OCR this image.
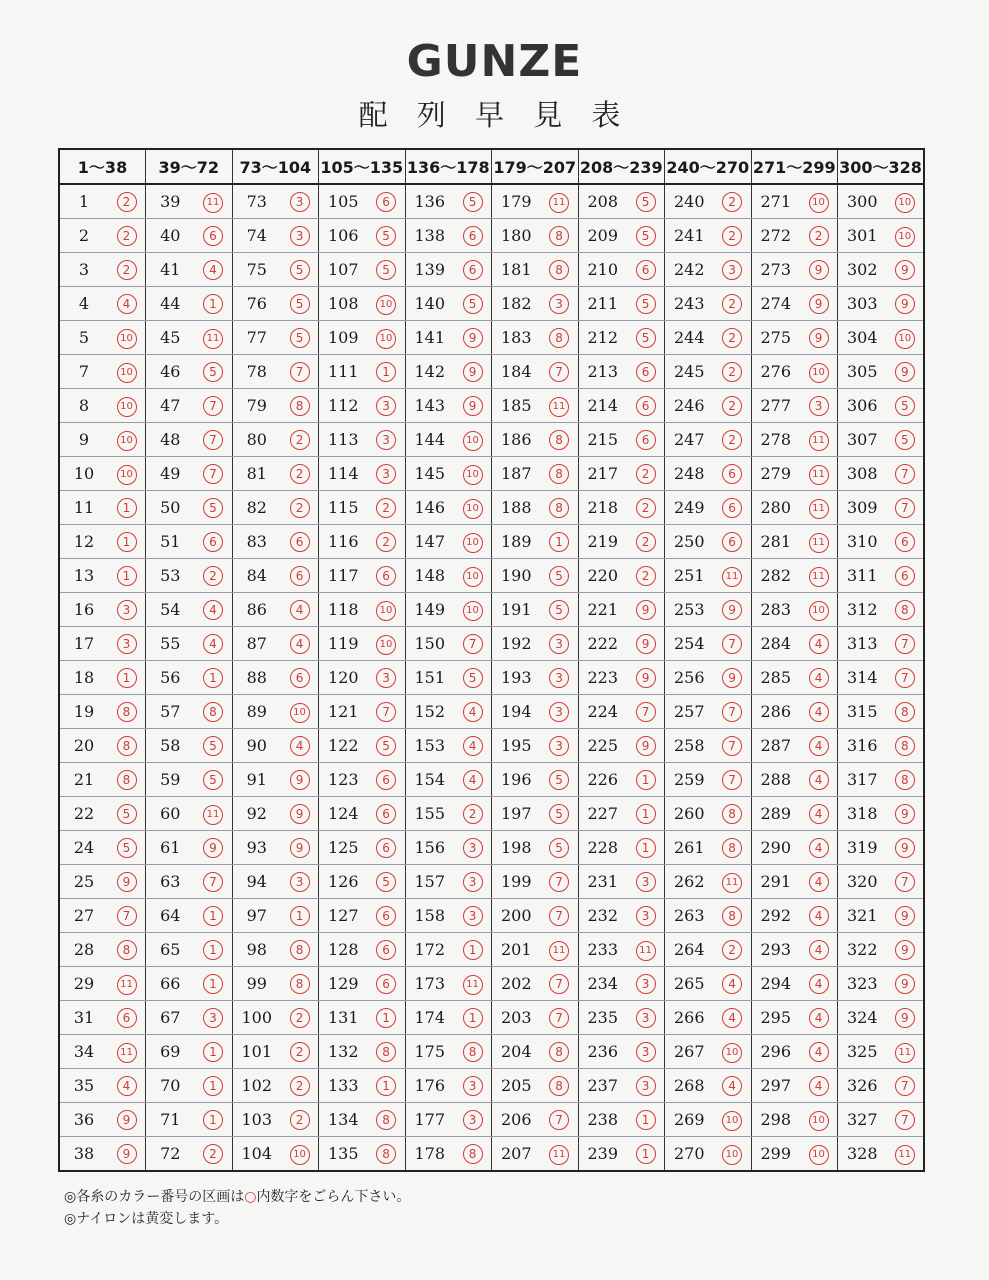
GUNZE
配 列 早 見 表
1～38		39～72		73～104		105～135		136～178		179～207		208～239		240～270		271～299		300～328	
1	2	39	11	73	3	105	6	136	5	179	11	208	5	240	2	271	10	300	10
2	2	40	6	74	3	106	5	138	6	180	8	209	5	241	2	272	2	301	10
3	2	41	4	75	5	107	5	139	6	181	8	210	6	242	3	273	9	302	9
4	4	44	1	76	5	108	10	140	5	182	3	211	5	243	2	274	9	303	9
5	10	45	11	77	5	109	10	141	9	183	8	212	5	244	2	275	9	304	10
7	10	46	5	78	7	111	1	142	9	184	7	213	6	245	2	276	10	305	9
8	10	47	7	79	8	112	3	143	9	185	11	214	6	246	2	277	3	306	5
9	10	48	7	80	2	113	3	144	10	186	8	215	6	247	2	278	11	307	5
10	10	49	7	81	2	114	3	145	10	187	8	217	2	248	6	279	11	308	7
11	1	50	5	82	2	115	2	146	10	188	8	218	2	249	6	280	11	309	7
12	1	51	6	83	6	116	2	147	10	189	1	219	2	250	6	281	11	310	6
13	1	53	2	84	6	117	6	148	10	190	5	220	2	251	11	282	11	311	6
16	3	54	4	86	4	118	10	149	10	191	5	221	9	253	9	283	10	312	8
17	3	55	4	87	4	119	10	150	7	192	3	222	9	254	7	284	4	313	7
18	1	56	1	88	6	120	3	151	5	193	3	223	9	256	9	285	4	314	7
19	8	57	8	89	10	121	7	152	4	194	3	224	7	257	7	286	4	315	8
20	8	58	5	90	4	122	5	153	4	195	3	225	9	258	7	287	4	316	8
21	8	59	5	91	9	123	6	154	4	196	5	226	1	259	7	288	4	317	8
22	5	60	11	92	9	124	6	155	2	197	5	227	1	260	8	289	4	318	9
24	5	61	9	93	9	125	6	156	3	198	5	228	1	261	8	290	4	319	9
25	9	63	7	94	3	126	5	157	3	199	7	231	3	262	11	291	4	320	7
27	7	64	1	97	1	127	6	158	3	200	7	232	3	263	8	292	4	321	9
28	8	65	1	98	8	128	6	172	1	201	11	233	11	264	2	293	4	322	9
29	11	66	1	99	8	129	6	173	11	202	7	234	3	265	4	294	4	323	9
31	6	67	3	100	2	131	1	174	1	203	7	235	3	266	4	295	4	324	9
34	11	69	1	101	2	132	8	175	8	204	8	236	3	267	10	296	4	325	11
35	4	70	1	102	2	133	1	176	3	205	8	237	3	268	4	297	4	326	7
36	9	71	1	103	2	134	8	177	3	206	7	238	1	269	10	298	10	327	7
38	9	72	2	104	10	135	8	178	8	207	11	239	1	270	10	299	10	328	11
◎各糸のカラー番号の区画は○内数字をごらん下さい。
◎ナイロンは黄変します。
